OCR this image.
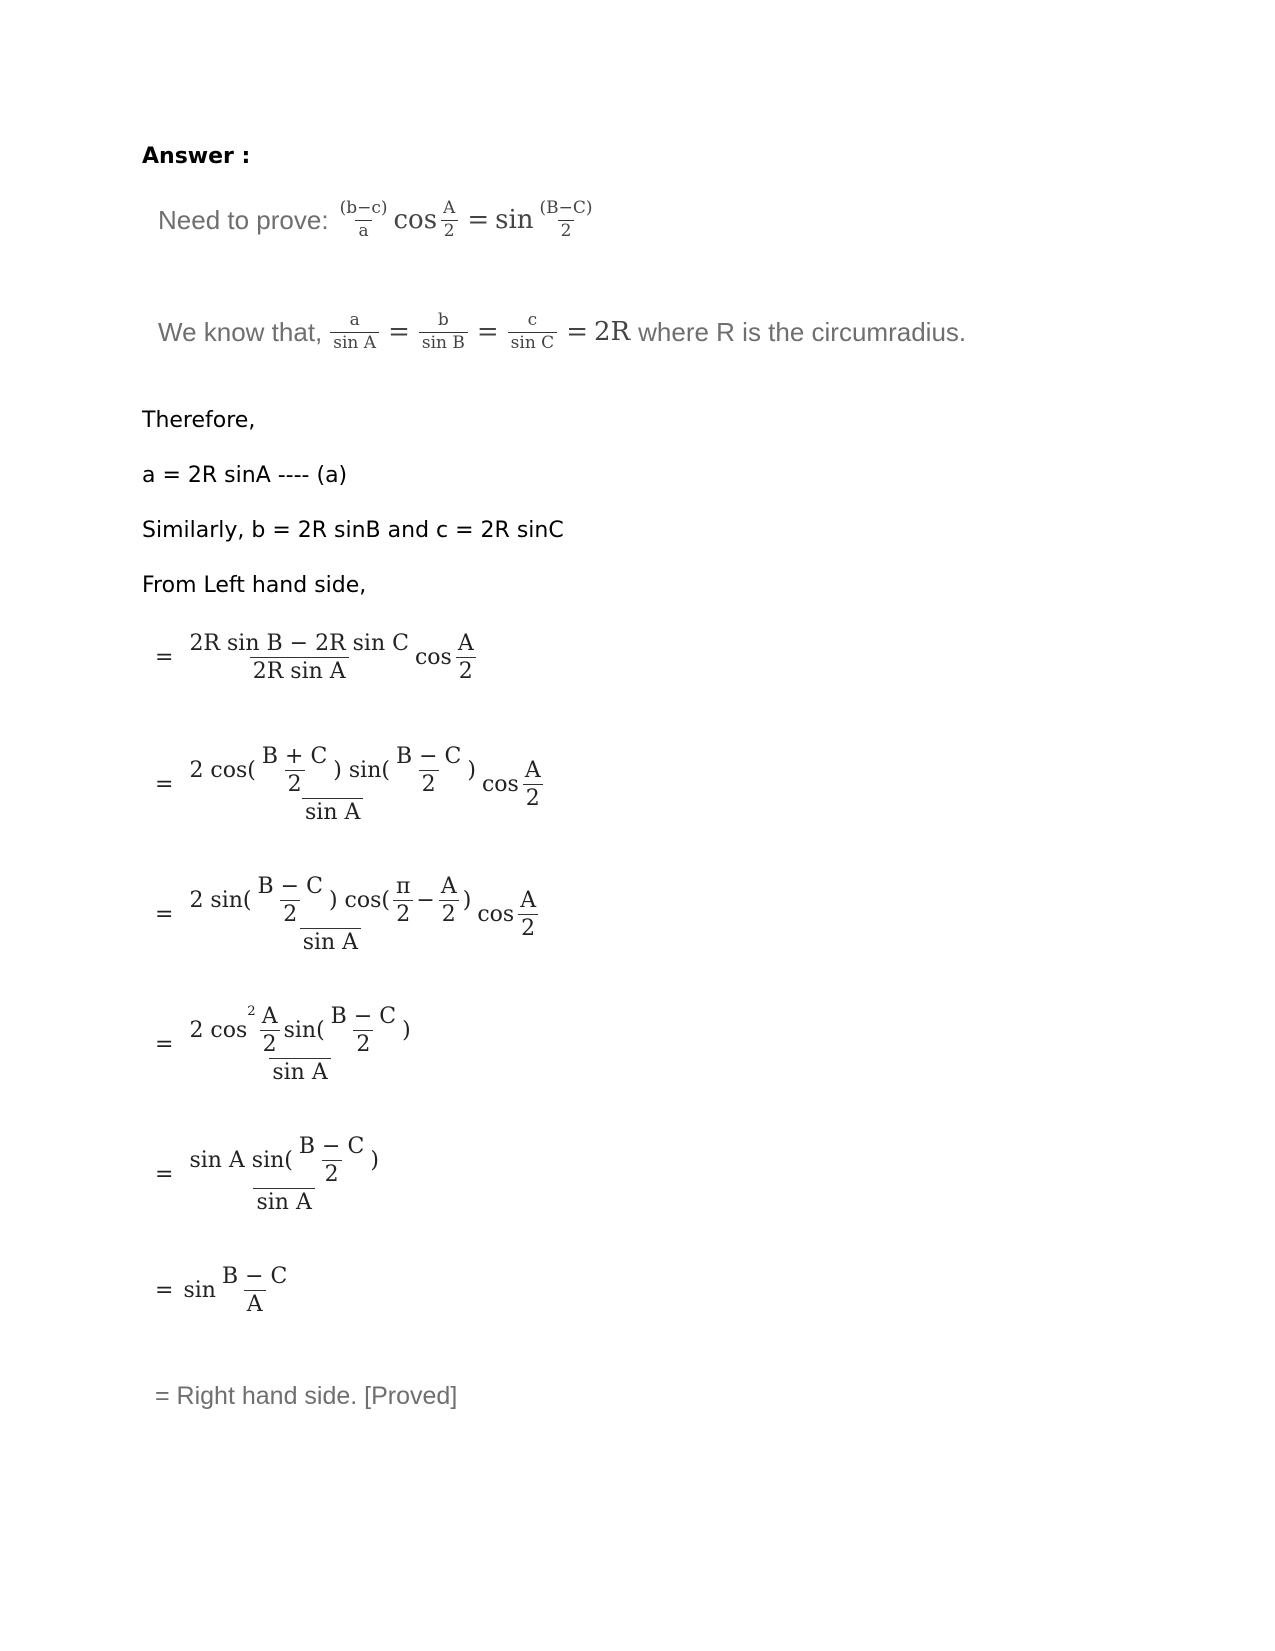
Answer :
Need to prove: $\frac{(b-c)}{a}$ $\cos \frac{A}{2} = \sin \frac{(B-C)}{2}$
We know that, $\frac{a}{\text{sin A}} = \frac{b}{\text{sin B}} = \frac{c}{\text{sin C}} = 2R$ where R is the circumradius.
Therefore,
a = 2R sinA ---- (a)
Similarly, b = 2R sinB and c = 2R sinC
From Left hand side,
= $\frac{\text{2R sin B − 2R sin C}}{\text{2R sin A}}$ $\cos \frac{A}{2}$
=
2 $\cos( \frac{B + C}{2}$ ) $\sin( \frac{B - C}{2}$ )
sin A
$\cos \frac{A}{2}$
=
2 $\sin( \frac{B - C}{2}$ ) $\cos( \frac{\pi}{2} - \frac{A}{2}$ )
sin A
$\cos \frac{A}{2}$
=
2 cos
$2 \frac{A}{2} \sin( \frac{B - C}{2}$ )
sin A
= $\frac{\sin A \sin( \frac{B - C}{2} )}{\text{sin A}}$
= $\sin \frac{B - C}{A}$
= Right hand side. [Proved]
